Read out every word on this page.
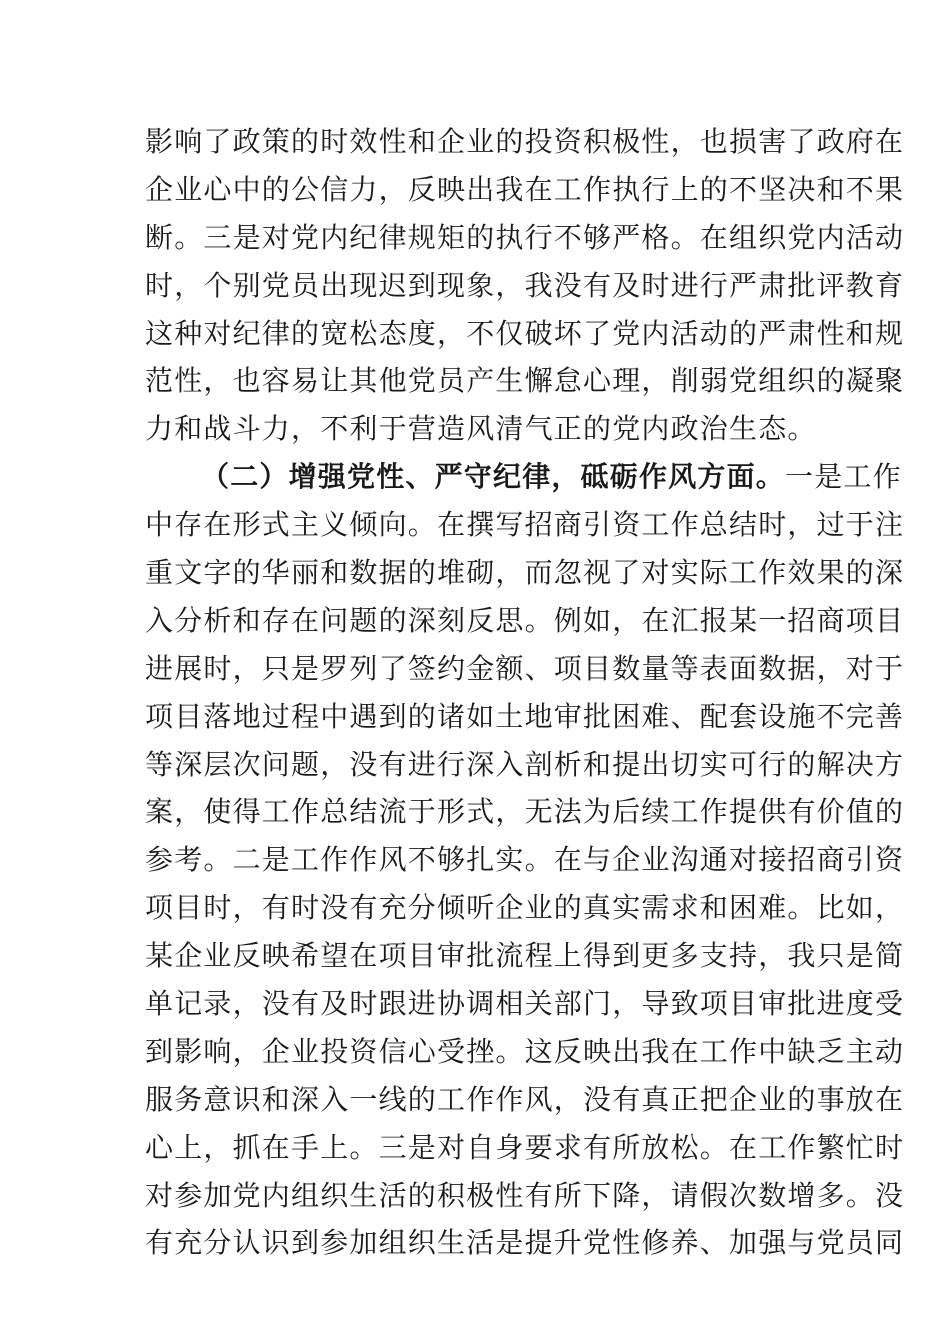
影响了政策的时效性和企业的投资积极性，也损害了政府在
企业心中的公信力，反映出我在工作执行上的不坚决和不果
断。三是对党内纪律规矩的执行不够严格。在组织党内活动
时，个别党员出现迟到现象，我没有及时进行严肃批评教育
这种对纪律的宽松态度，不仅破坏了党内活动的严肃性和规
范性，也容易让其他党员产生懈怠心理，削弱党组织的凝聚
力和战斗力，不利于营造风清气正的党内政治生态。
（二）增强党性、严守纪律，砥砺作风方面。一是工作
中存在形式主义倾向。在撰写招商引资工作总结时，过于注
重文字的华丽和数据的堆砌，而忽视了对实际工作效果的深
入分析和存在问题的深刻反思。例如，在汇报某一招商项目
进展时，只是罗列了签约金额、项目数量等表面数据，对于
项目落地过程中遇到的诸如土地审批困难、配套设施不完善
等深层次问题，没有进行深入剖析和提出切实可行的解决方
案，使得工作总结流于形式，无法为后续工作提供有价值的
参考。二是工作作风不够扎实。在与企业沟通对接招商引资
项目时，有时没有充分倾听企业的真实需求和困难。比如，
某企业反映希望在项目审批流程上得到更多支持，我只是简
单记录，没有及时跟进协调相关部门，导致项目审批进度受
到影响，企业投资信心受挫。这反映出我在工作中缺乏主动
服务意识和深入一线的工作作风，没有真正把企业的事放在
心上，抓在手上。三是对自身要求有所放松。在工作繁忙时
对参加党内组织生活的积极性有所下降，请假次数增多。没
有充分认识到参加组织生活是提升党性修养、加强与党员同
